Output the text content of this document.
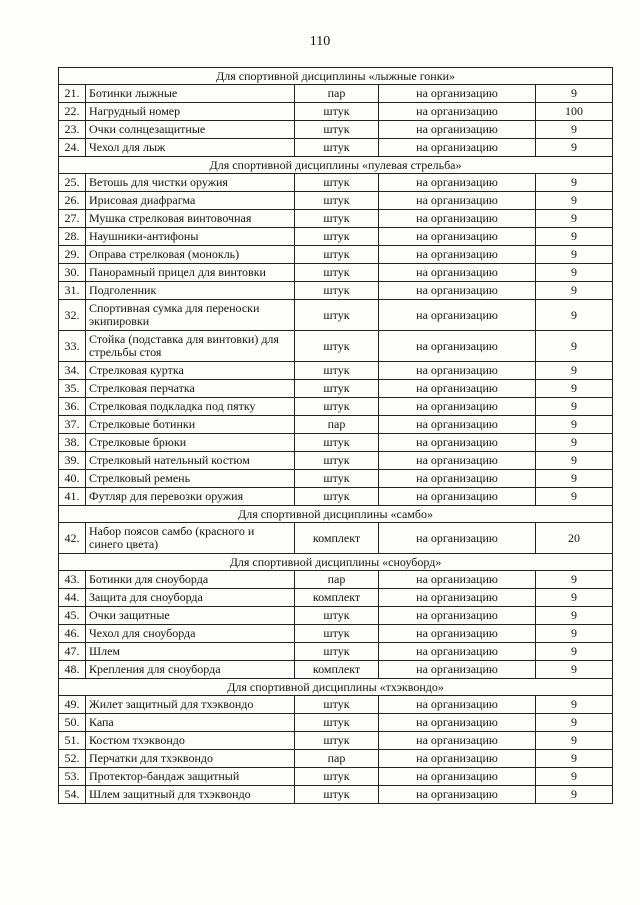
110
Для спортивной дисциплины «лыжные гонки»				
21.	Ботинки лыжные	пар	на организацию	9
22.	Нагрудный номер	штук	на организацию	100
23.	Очки солнцезащитные	штук	на организацию	9
24.	Чехол для лыж	штук	на организацию	9
Для спортивной дисциплины «пулевая стрельба»				
25.	Ветошь для чистки оружия	штук	на организацию	9
26.	Ирисовая диафрагма	штук	на организацию	9
27.	Мушка стрелковая винтовочная	штук	на организацию	9
28.	Наушники-антифоны	штук	на организацию	9
29.	Оправа стрелковая (монокль)	штук	на организацию	9
30.	Панорамный прицел для винтовки	штук	на организацию	9
31.	Подголенник	штук	на организацию	9
32.	Спортивная сумка для переноски экипировки	штук	на организацию	9
33.	Стойка (подставка для винтовки) для стрельбы стоя	штук	на организацию	9
34.	Стрелковая куртка	штук	на организацию	9
35.	Стрелковая перчатка	штук	на организацию	9
36.	Стрелковая подкладка под пятку	штук	на организацию	9
37.	Стрелковые ботинки	пар	на организацию	9
38.	Стрелковые брюки	штук	на организацию	9
39.	Стрелковый нательный костюм	штук	на организацию	9
40.	Стрелковый ремень	штук	на организацию	9
41.	Футляр для перевозки оружия	штук	на организацию	9
Для спортивной дисциплины «самбо»				
42.	Набор поясов самбо (красного и синего цвета)	комплект	на организацию	20
Для спортивной дисциплины «сноуборд»				
43.	Ботинки для сноуборда	пар	на организацию	9
44.	Защита для сноуборда	комплект	на организацию	9
45.	Очки защитные	штук	на организацию	9
46.	Чехол для сноуборда	штук	на организацию	9
47.	Шлем	штук	на организацию	9
48.	Крепления для сноуборда	комплект	на организацию	9
Для спортивной дисциплины «тхэквондо»				
49.	Жилет защитный для тхэквондо	штук	на организацию	9
50.	Капа	штук	на организацию	9
51.	Костюм тхэквондо	штук	на организацию	9
52.	Перчатки для тхэквондо	пар	на организацию	9
53.	Протектор-бандаж защитный	штук	на организацию	9
54.	Шлем защитный для тхэквондо	штук	на организацию	9
